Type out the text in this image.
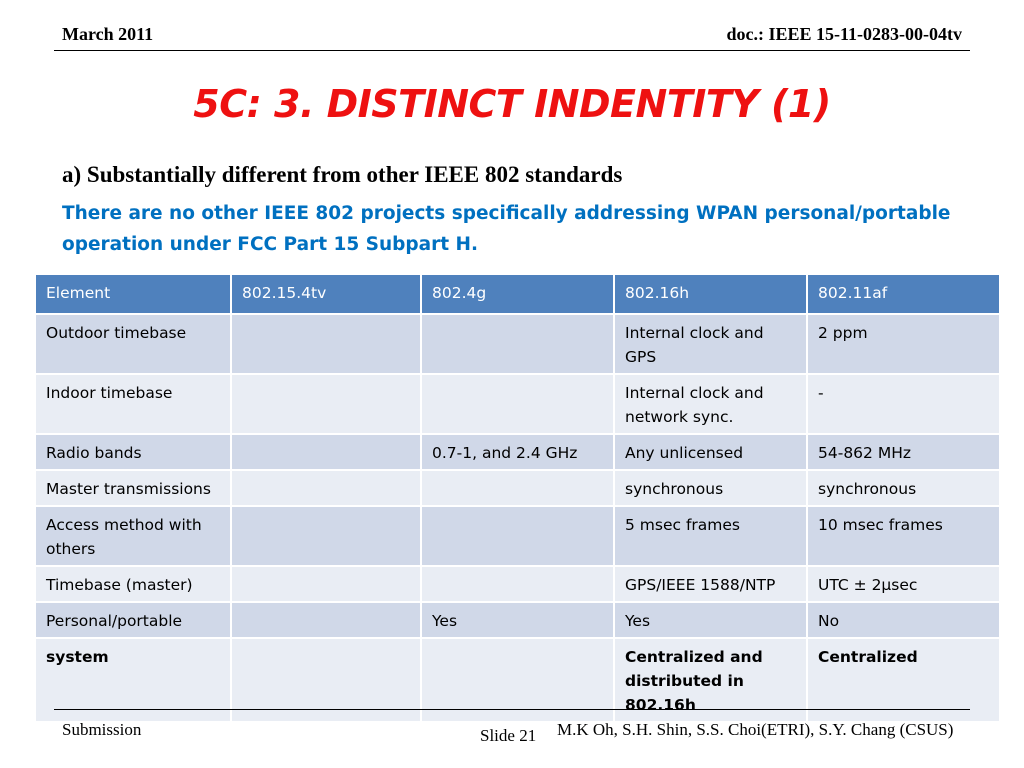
March 2011	doc.: IEEE 15-11-0283-00-04tv
5C: 3. DISTINCT INDENTITY (1)
a) Substantially different from other IEEE 802 standards
There are no other IEEE 802 projects specifically addressing WPAN personal/portable operation under FCC Part 15 Subpart H.
Element	802.15.4tv	802.4g	802.16h	802.11af
Outdoor timebase			Internal clock and GPS	2 ppm
Indoor timebase			Internal clock and network sync.	-
Radio bands		0.7-1, and 2.4 GHz	Any unlicensed	54-862 MHz
Master transmissions			synchronous	synchronous
Access method with others			5 msec frames	10 msec frames
Timebase (master)			GPS/IEEE 1588/NTP	UTC ± 2µsec
Personal/portable		Yes	Yes	No
system			Centralized and distributed in 802.16h	Centralized
Submission	Slide 21 M.K Oh, S.H. Shin, S.S. Choi(ETRI), S.Y. Chang (CSUS)
